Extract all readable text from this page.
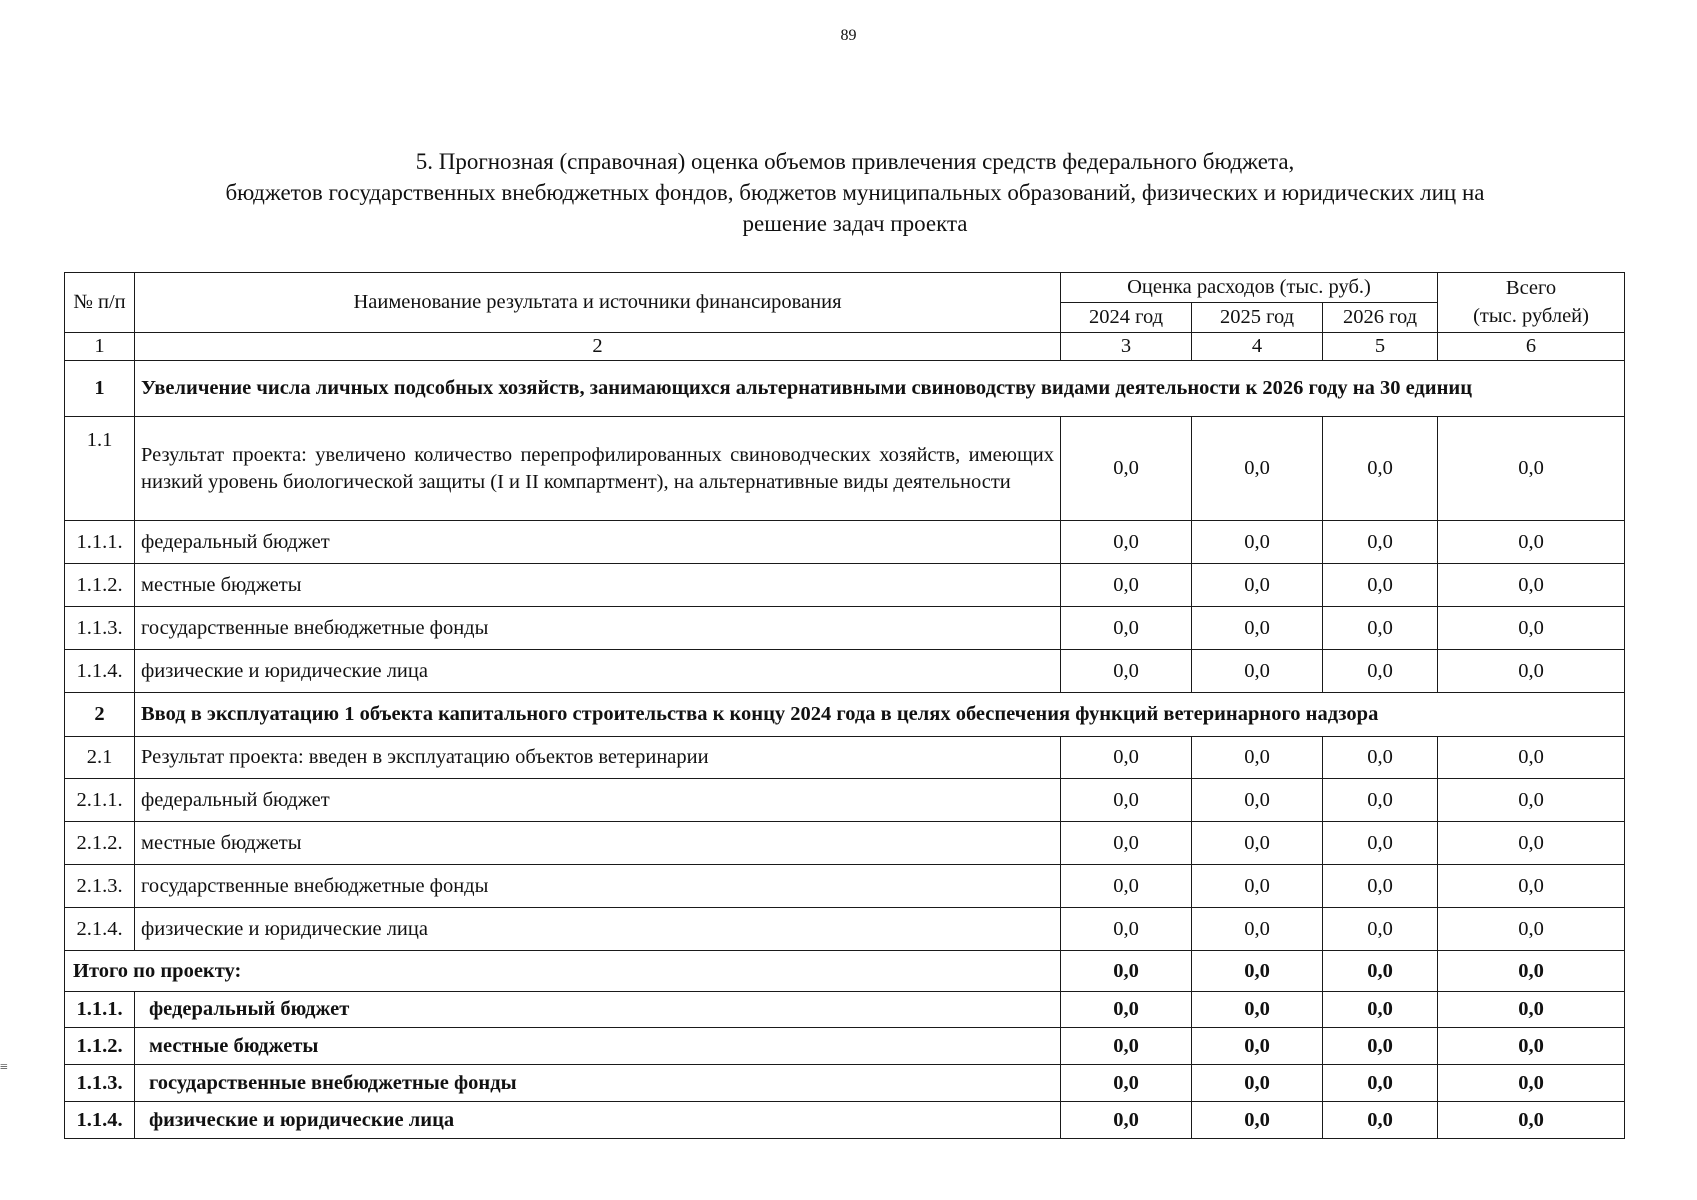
89
5. Прогнозная (справочная) оценка объемов привлечения средств федерального бюджета,
бюджетов государственных внебюджетных фондов, бюджетов муниципальных образований, физических и юридических лиц на
решение задач проекта
№ п/п	Наименование результата и источники финансирования	Оценка расходов (тыс. руб.)			Всего
(тыс. рублей)

		2024 год	2025 год	2026 год	
1	2	3	4	5	6
1	Увеличение числа личных подсобных хозяйств, занимающихся альтернативными свиноводству видами деятельности к 2026 году на 30 единиц				
1.1	Результат проекта: увеличено количество перепрофилированных свиноводческих хозяйств, имеющих низкий уровень биологической защиты (I и II компартмент), на альтернативные виды деятельности	0,0	0,0	0,0	0,0
1.1.1.	федеральный бюджет	0,0	0,0	0,0	0,0
1.1.2.	местные бюджеты	0,0	0,0	0,0	0,0
1.1.3.	государственные внебюджетные фонды	0,0	0,0	0,0	0,0
1.1.4.	физические и юридические лица	0,0	0,0	0,0	0,0
2	Ввод в эксплуатацию 1 объекта капитального строительства к концу 2024 года в целях обеспечения функций ветеринарного надзора				
2.1	Результат проекта: введен в эксплуатацию объектов ветеринарии	0,0	0,0	0,0	0,0
2.1.1.	федеральный бюджет	0,0	0,0	0,0	0,0
2.1.2.	местные бюджеты	0,0	0,0	0,0	0,0
2.1.3.	государственные внебюджетные фонды	0,0	0,0	0,0	0,0
2.1.4.	физические и юридические лица	0,0	0,0	0,0	0,0
Итого по проекту:		0,0	0,0	0,0	0,0
1.1.1.	федеральный бюджет	0,0	0,0	0,0	0,0
1.1.2.	местные бюджеты	0,0	0,0	0,0	0,0
1.1.3.	государственные внебюджетные фонды	0,0	0,0	0,0	0,0
1.1.4.	физические и юридические лица	0,0	0,0	0,0	0,0
≡
